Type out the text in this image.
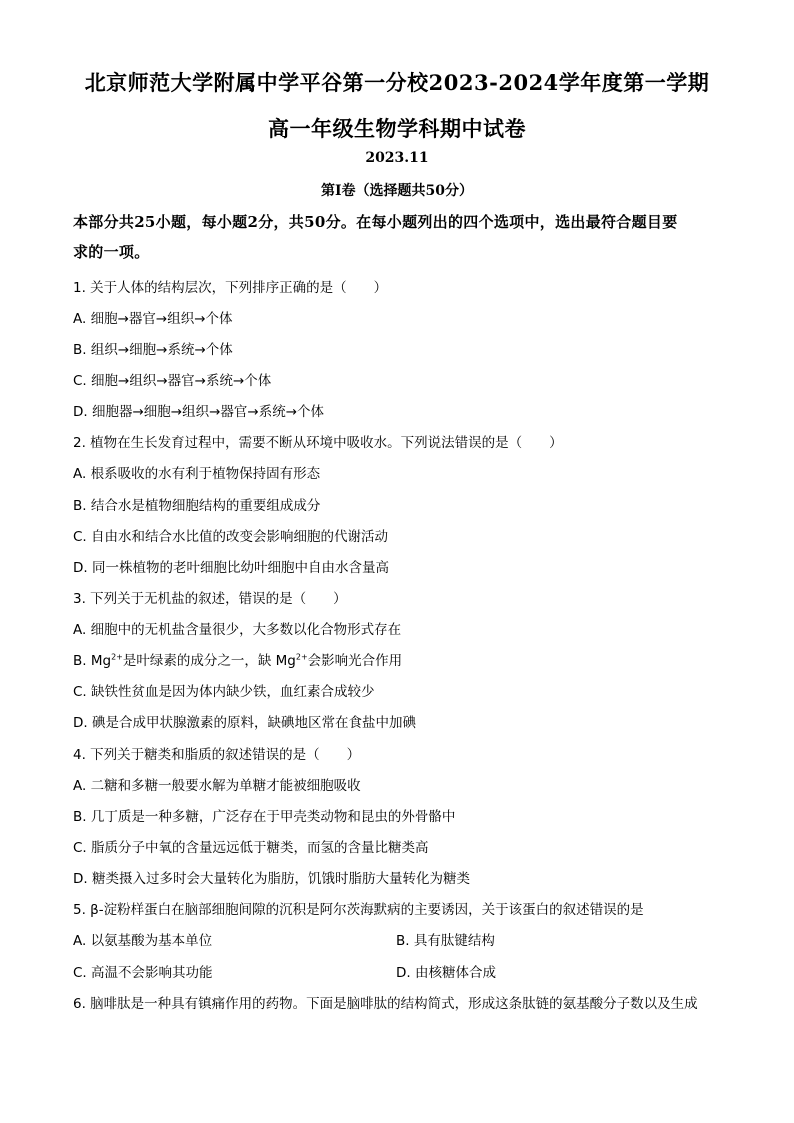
北京师范大学附属中学平谷第一分校2023-2024学年度第一学期
高一年级生物学科期中试卷
2023.11
第I卷（选择题共50分）
本部分共25小题，每小题2分，共50分。在每小题列出的四个选项中，选出最符合题目要
求的一项。
1. 关于人体的结构层次，下列排序正确的是（　　）
A. 细胞→器官→组织→个体
B. 组织→细胞→系统→个体
C. 细胞→组织→器官→系统→个体
D. 细胞器→细胞→组织→器官→系统→个体
2. 植物在生长发育过程中，需要不断从环境中吸收水。下列说法错误的是（　　）
A. 根系吸收的水有利于植物保持固有形态
B. 结合水是植物细胞结构的重要组成成分
C. 自由水和结合水比值的改变会影响细胞的代谢活动
D. 同一株植物的老叶细胞比幼叶细胞中自由水含量高
3. 下列关于无机盐的叙述，错误的是（　　）
A. 细胞中的无机盐含量很少，大多数以化合物形式存在
B. $Mg^{2+}$是叶绿素的成分之一，缺 $Mg^{2+}$会影响光合作用
C. 缺铁性贫血是因为体内缺少铁，血红素合成较少
D. 碘是合成甲状腺激素的原料，缺碘地区常在食盐中加碘
4. 下列关于糖类和脂质的叙述错误的是（　　）
A. 二糖和多糖一般要水解为单糖才能被细胞吸收
B. 几丁质是一种多糖，广泛存在于甲壳类动物和昆虫的外骨骼中
C. 脂质分子中氧的含量远远低于糖类，而氢的含量比糖类高
D. 糖类摄入过多时会大量转化为脂肪，饥饿时脂肪大量转化为糖类
5. β-淀粉样蛋白在脑部细胞间隙的沉积是阿尔茨海默病的主要诱因，关于该蛋白的叙述错误的是
A. 以氨基酸为基本单位	B. 具有肽键结构
C. 高温不会影响其功能	D. 由核糖体合成
6. 脑啡肽是一种具有镇痛作用的药物。下面是脑啡肽的结构简式，形成这条肽链的氨基酸分子数以及生成
